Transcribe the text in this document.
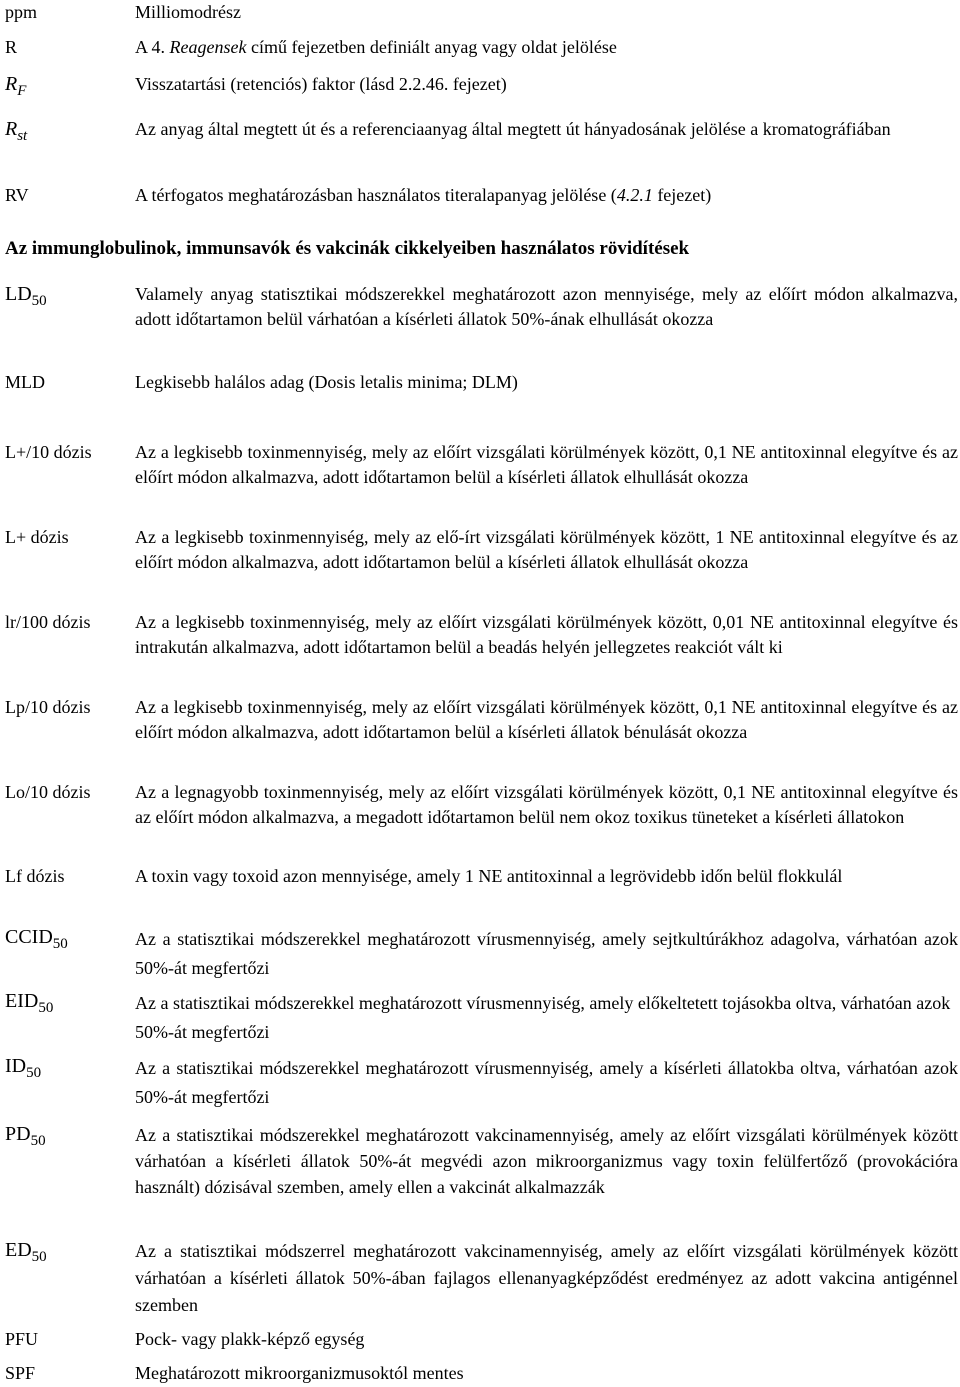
ppm	Milliomodrész
R	A 4. Reagensek című fejezetben definiált anyag vagy oldat jelölése
$R_F$	Visszatartási (retenciós) faktor (lásd 2.2.46. fejezet)
$R_{st}$	Az anyag által megtett út és a referenciaanyag által megtett út hányadosának jelölése a kromatográfiában
RV	A térfogatos meghatározásban használatos titeralapanyag jelölése (4.2.1 fejezet)
Az immunglobulinok, immunsavók és vakcinák cikkelyeiben használatos rövidítések
$LD_{50}$	Valamely anyag statisztikai módszerekkel meghatározott azon mennyisége, mely az előírt módon alkalmazva, adott időtartamon belül várhatóan a kísérleti állatok 50%-ának elhullását okozza
MLD	Legkisebb halálos adag (Dosis letalis minima; DLM)
L+/10 dózis Az a legkisebb toxinmennyiség, mely az előírt vizsgálati körülmények között, 0,1 NE antitoxinnal elegyítve és az előírt módon alkalmazva, adott időtartamon belül a kísérleti állatok elhullását okozza
L+ dózis	Az a legkisebb toxinmennyiség, mely az elő-írt vizsgálati körülmények között, 1 NE antitoxinnal elegyítve és az előírt módon alkalmazva, adott időtartamon belül a kísérleti állatok elhullását okozza
lr/100 dózis Az a legkisebb toxinmennyiség, mely az előírt vizsgálati körülmények között, 0,01 NE antitoxinnal elegyítve és intrakután alkalmazva, adott időtartamon belül a beadás helyén jellegzetes reakciót vált ki
Lp/10 dózis Az a legkisebb toxinmennyiség, mely az előírt vizsgálati körülmények között, 0,1 NE antitoxinnal elegyítve és az előírt módon alkalmazva, adott időtartamon belül a kísérleti állatok bénulását okozza
Lo/10 dózis Az a legnagyobb toxinmennyiség, mely az előírt vizsgálati körülmények között, 0,1 NE antitoxinnal elegyítve és az előírt módon alkalmazva, a megadott időtartamon belül nem okoz toxikus tüneteket a kísérleti állatokon
Lf dózis	A toxin vagy toxoid azon mennyisége, amely 1 NE antitoxinnal a legrövidebb időn belül flokkulál
$CCID_{50}$	Az a statisztikai módszerekkel meghatározott vírusmennyiség, amely sejtkultúrákhoz adagolva, várhatóan azok 50%-át megfertőzi
$EID_{50}$	Az a statisztikai módszerekkel meghatározott vírusmennyiség, amely előkeltetett tojásokba oltva, várhatóan azok 50%-át megfertőzi
$ID_{50}$	Az a statisztikai módszerekkel meghatározott vírusmennyiség, amely a kísérleti állatokba oltva, várhatóan azok 50%-át megfertőzi
$PD_{50}$	Az a statisztikai módszerekkel meghatározott vakcinamennyiség, amely az előírt vizsgálati körülmények között várhatóan a kísérleti állatok 50%-át megvédi azon mikroorganizmus vagy toxin felülfertőző (provokációra használt) dózisával szemben, amely ellen a vakcinát alkalmazzák
$ED_{50}$	Az a statisztikai módszerrel meghatározott vakcinamennyiség, amely az előírt vizsgálati körülmények között várhatóan a kísérleti állatok 50%-ában fajlagos ellenanyagképződést eredményez az adott vakcina antigénnel szemben
PFU	Pock- vagy plakk-képző egység
SPF	Meghatározott mikroorganizmusoktól mentes
